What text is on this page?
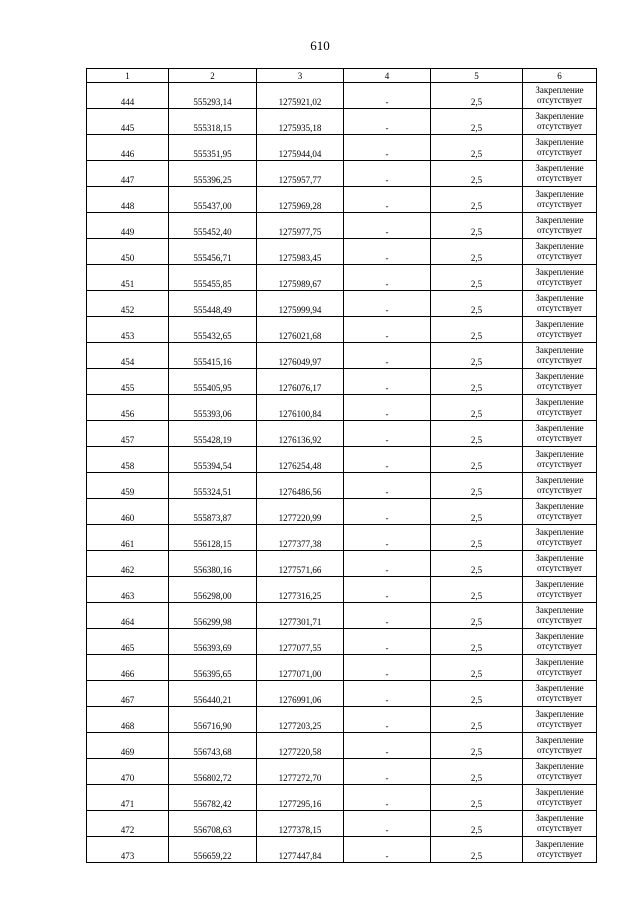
610
1	2	3	4	5	6
444	555293,14	1275921,02	-	2,5	Закрепление отсутствует
445	555318,15	1275935,18	-	2,5	Закрепление отсутствует
446	555351,95	1275944,04	-	2,5	Закрепление отсутствует
447	555396,25	1275957,77	-	2,5	Закрепление отсутствует
448	555437,00	1275969,28	-	2,5	Закрепление отсутствует
449	555452,40	1275977,75	-	2,5	Закрепление отсутствует
450	555456,71	1275983,45	-	2,5	Закрепление отсутствует
451	555455,85	1275989,67	-	2,5	Закрепление отсутствует
452	555448,49	1275999,94	-	2,5	Закрепление отсутствует
453	555432,65	1276021,68	-	2,5	Закрепление отсутствует
454	555415,16	1276049,97	-	2,5	Закрепление отсутствует
455	555405,95	1276076,17	-	2,5	Закрепление отсутствует
456	555393,06	1276100,84	-	2,5	Закрепление отсутствует
457	555428,19	1276136,92	-	2,5	Закрепление отсутствует
458	555394,54	1276254,48	-	2,5	Закрепление отсутствует
459	555324,51	1276486,56	-	2,5	Закрепление отсутствует
460	555873,87	1277220,99	-	2,5	Закрепление отсутствует
461	556128,15	1277377,38	-	2,5	Закрепление отсутствует
462	556380,16	1277571,66	-	2,5	Закрепление отсутствует
463	556298,00	1277316,25	-	2,5	Закрепление отсутствует
464	556299,98	1277301,71	-	2,5	Закрепление отсутствует
465	556393,69	1277077,55	-	2,5	Закрепление отсутствует
466	556395,65	1277071,00	-	2,5	Закрепление отсутствует
467	556440,21	1276991,06	-	2,5	Закрепление отсутствует
468	556716,90	1277203,25	-	2,5	Закрепление отсутствует
469	556743,68	1277220,58	-	2,5	Закрепление отсутствует
470	556802,72	1277272,70	-	2,5	Закрепление отсутствует
471	556782,42	1277295,16	-	2,5	Закрепление отсутствует
472	556708,63	1277378,15	-	2,5	Закрепление отсутствует
473	556659,22	1277447,84	-	2,5	Закрепление отсутствует
